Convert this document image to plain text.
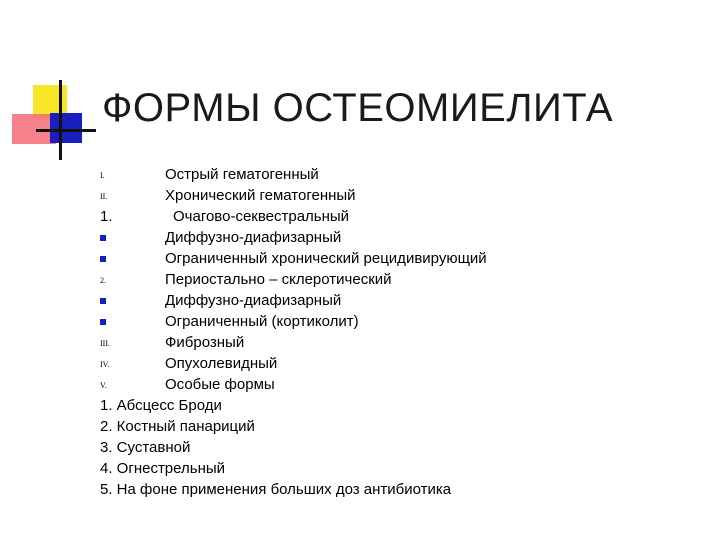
ФОРМЫ ОСТЕОМИЕЛИТА
I.	Острый гематогенный
II.	Хронический гематогенный
1.	Очагово-секвестральный
Диффузно-диафизарный
Ограниченный хронический рецидивирующий
2.	Периостально – склеротический
Диффузно-диафизарный
Ограниченный (кортиколит)
III.	Фиброзный
IV.	Опухолевидный
V.	Особые формы
1. Абсцесс Броди
2. Костный панариций
3. Суставной
4. Огнестрельный
5. На фоне применения больших доз антибиотика
